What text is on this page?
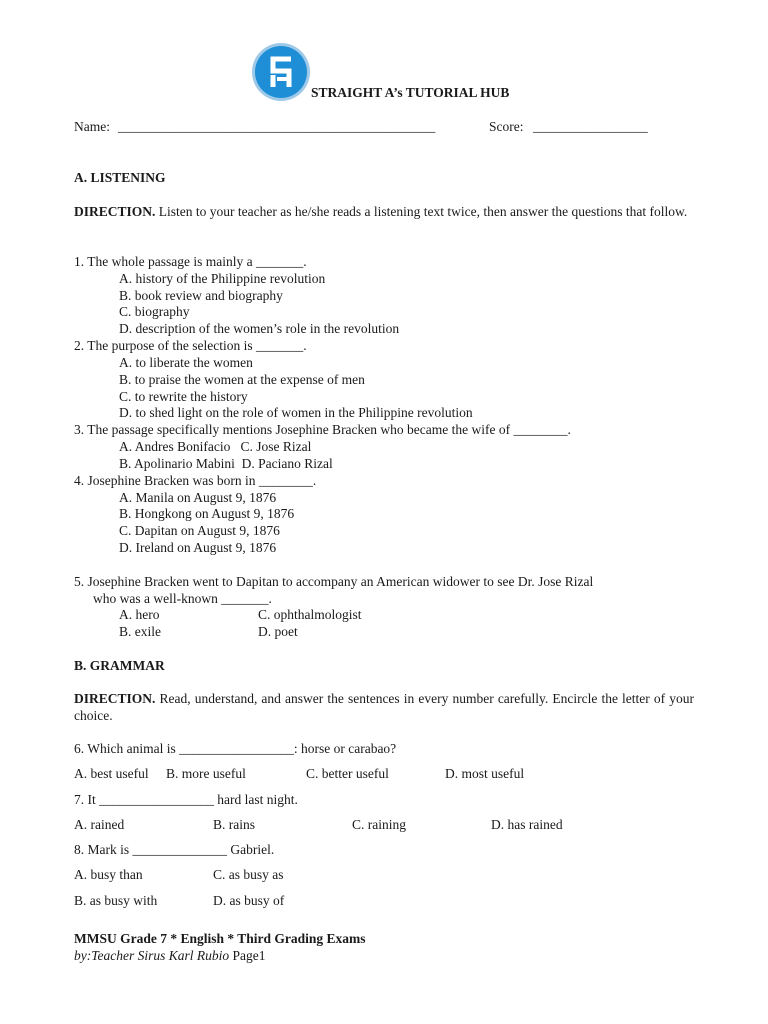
STRAIGHT A’s TUTORIAL HUB
Name: _______________________________________________	Score: _________________
A. LISTENING
DIRECTION. Listen to your teacher as he/she reads a listening text twice, then answer the questions that follow.
1. The whole passage is mainly a _______.
A. history of the Philippine revolution
B. book review and biography
C. biography
D. description of the women’s role in the revolution
2. The purpose of the selection is _______.
A. to liberate the women
B. to praise the women at the expense of men
C. to rewrite the history
D. to shed light on the role of women in the Philippine revolution
3. The passage specifically mentions Josephine Bracken who became the wife of ________.
A. Andres Bonifacio   C. Jose Rizal
B. Apolinario Mabini  D. Paciano Rizal
4. Josephine Bracken was born in ________.
A. Manila on August 9, 1876
B. Hongkong on August 9, 1876
C. Dapitan on August 9, 1876
D. Ireland on August 9, 1876
5. Josephine Bracken went to Dapitan to accompany an American widower to see Dr. Jose Rizal
who was a well-known _______.
A. hero	C. ophthalmologist
B. exile	D. poet
B. GRAMMAR
DIRECTION. Read, understand, and answer the sentences in every number carefully. Encircle the letter of your choice.
6. Which animal is _________________: horse or carabao?
A. best useful B. more useful	C. better useful	D. most useful
7. It _________________ hard last night.
A. rained	B. rains	C. raining	D. has rained
8. Mark is ______________ Gabriel.
A. busy than	C. as busy as
B. as busy with	D. as busy of
MMSU Grade 7 * English * Third Grading Exams
by:Teacher Sirus Karl Rubio Page1
